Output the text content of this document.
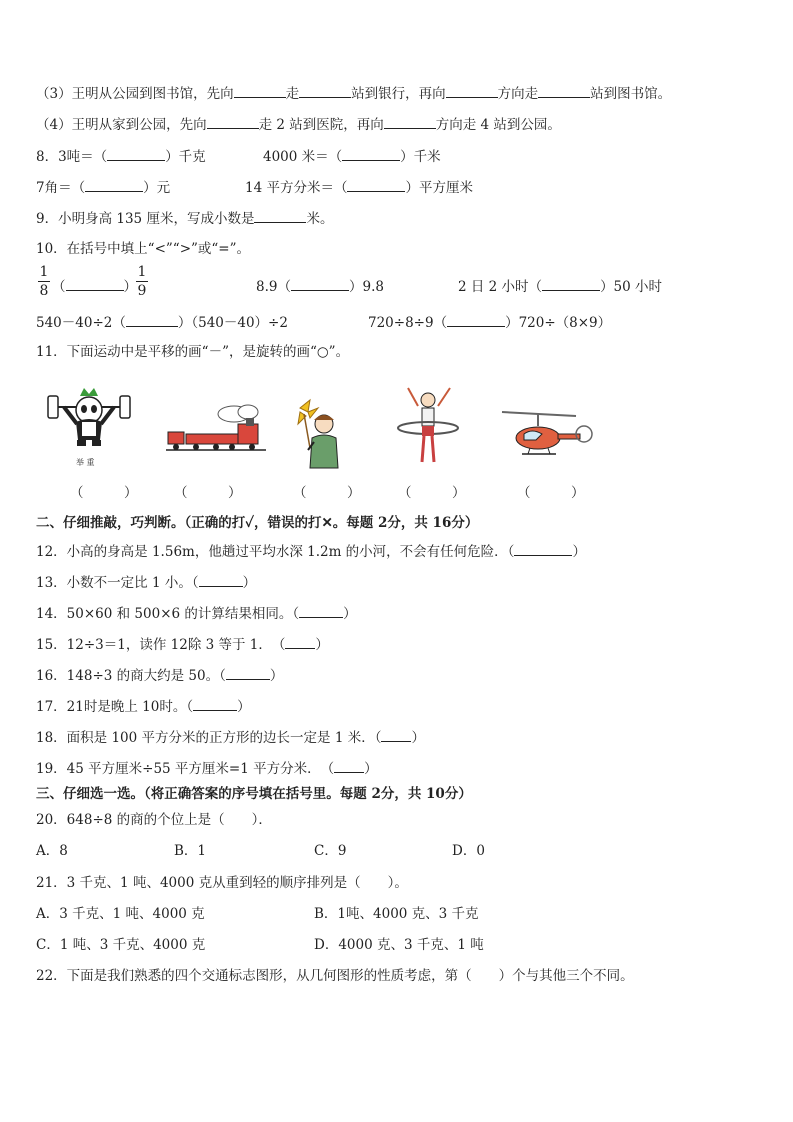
（3）王明从公园到图书馆，先向	走	站到银行，再向	方向走	站到图书馆。
（4）王明从家到公园，先向	走 2 站到医院，再向	方向走 4 站到公园。
8．3吨＝（	）千克	4000 米＝（	）千米
7角＝（	）元	14 平方分米＝（	）平方厘米
9．小明身高 135 厘米，写成小数是	米。
10．在括号中填上“<”“>”或“=”。
1
8 （	）
1
9	8.9（	）9.8	2 日 2 小时（	）50 小时
540－40÷2（	）（540－40）÷2	720÷8÷9（	）720÷（8×9）
11．下面运动中是平移的画“－”，是旋转的画“○”。
举 重
（　　　）	（　　　）	（　　　）	（　　　）	（　　　）
二、仔细推敲，巧判断。（正确的打✓，错误的打✕。每题 2分，共 16分）
12．小高的身高是 1.56m，他趟过平均水深 1.2m 的小河，不会有任何危险．（	）
13．小数不一定比 1 小。（	）
14．50×60 和 500×6 的计算结果相同。（	）
15．12÷3＝1，读作 12除 3 等于 1．　（ ）
16．148÷3 的商大约是 50。（	）
17．21时是晚上 10时。（	）
18．面积是 100 平方分米的正方形的边长一定是 1 米．（ ）
19．45 平方厘米÷55 平方厘米=1 平方分米．　（ ）
三、仔细选一选。（将正确答案的序号填在括号里。每题 2分，共 10分）
20．648÷8 的商的个位上是（　　）．
A．8	B．1	C．9	D．0
21．3 千克、1 吨、4000 克从重到轻的顺序排列是（　　）。
A．3 千克、1 吨、4000 克	B．1吨、4000 克、3 千克
C．1 吨、3 千克、4000 克	D．4000 克、3 千克、1 吨
22．下面是我们熟悉的四个交通标志图形，从几何图形的性质考虑，第（　　）个与其他三个不同。
